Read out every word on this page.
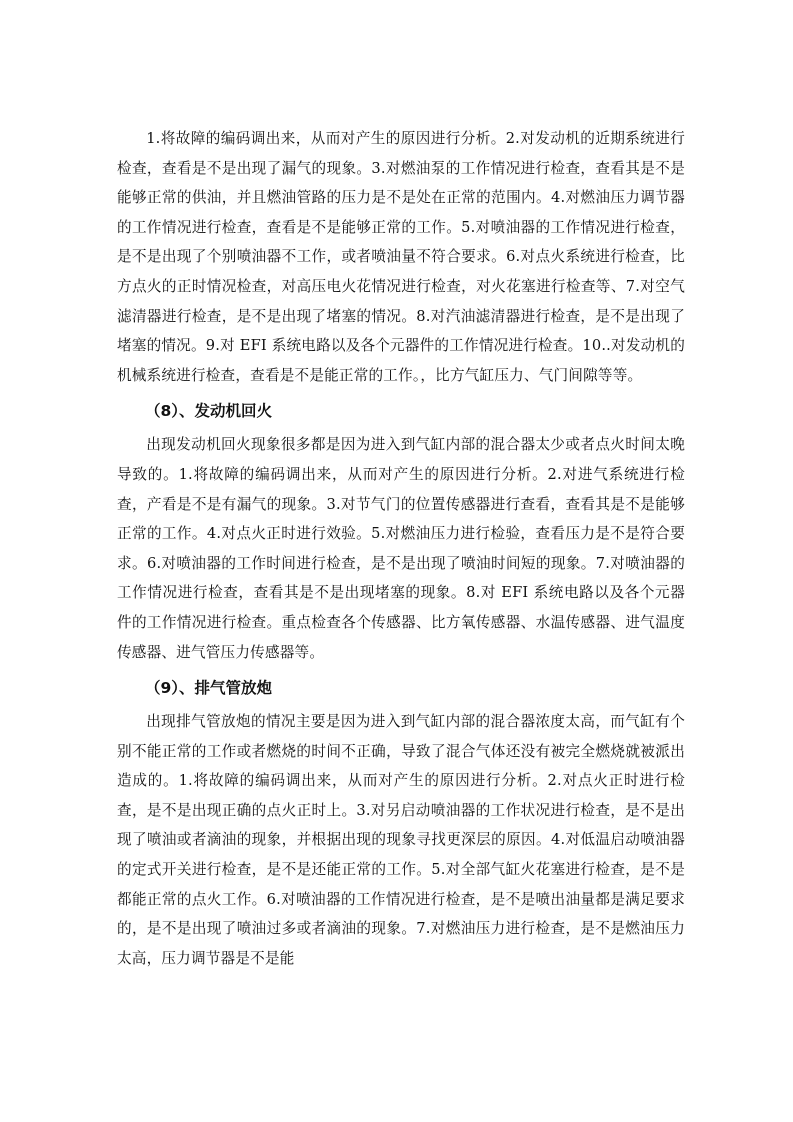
1.将故障的编码调出来，从而对产生的原因进行分析。2.对发动机的近期系统进行检查，查看是不是出现了漏气的现象。3.对燃油泵的工作情况进行检查，查看其是不是能够正常的供油，并且燃油管路的压力是不是处在正常的范围内。4.对燃油压力调节器的工作情况进行检查，查看是不是能够正常的工作。5.对喷油器的工作情况进行检查，是不是出现了个别喷油器不工作，或者喷油量不符合要求。6.对点火系统进行检查，比方点火的正时情况检查，对高压电火花情况进行检查，对火花塞进行检查等、7.对空气滤清器进行检查，是不是出现了堵塞的情况。8.对汽油滤清器进行检查，是不是出现了堵塞的情况。9.对 EFI 系统电路以及各个元器件的工作情况进行检查。10..对发动机的机械系统进行检查，查看是不是能正常的工作。，比方气缸压力、气门间隙等等。

（8）、发动机回火

出现发动机回火现象很多都是因为进入到气缸内部的混合器太少或者点火时间太晚导致的。1.将故障的编码调出来，从而对产生的原因进行分析。2.对进气系统进行检查，产看是不是有漏气的现象。3.对节气门的位置传感器进行查看，查看其是不是能够正常的工作。4.对点火正时进行效验。5.对燃油压力进行检验，查看压力是不是符合要求。6.对喷油器的工作时间进行检查，是不是出现了喷油时间短的现象。7.对喷油器的工作情况进行检查，查看其是不是出现堵塞的现象。8.对 EFI 系统电路以及各个元器件的工作情况进行检查。重点检查各个传感器、比方氧传感器、水温传感器、进气温度传感器、进气管压力传感器等。

（9）、排气管放炮

出现排气管放炮的情况主要是因为进入到气缸内部的混合器浓度太高，而气缸有个别不能正常的工作或者燃烧的时间不正确，导致了混合气体还没有被完全燃烧就被派出造成的。1.将故障的编码调出来，从而对产生的原因进行分析。2.对点火正时进行检查，是不是出现正确的点火正时上。3.对另启动喷油器的工作状况进行检查，是不是出现了喷油或者滴油的现象，并根据出现的现象寻找更深层的原因。4.对低温启动喷油器的定式开关进行检查，是不是还能正常的工作。5.对全部气缸火花塞进行检查，是不是都能正常的点火工作。6.对喷油器的工作情况进行检查，是不是喷出油量都是满足要求的，是不是出现了喷油过多或者滴油的现象。7.对燃油压力进行检查，是不是燃油压力太高，压力调节器是不是能
